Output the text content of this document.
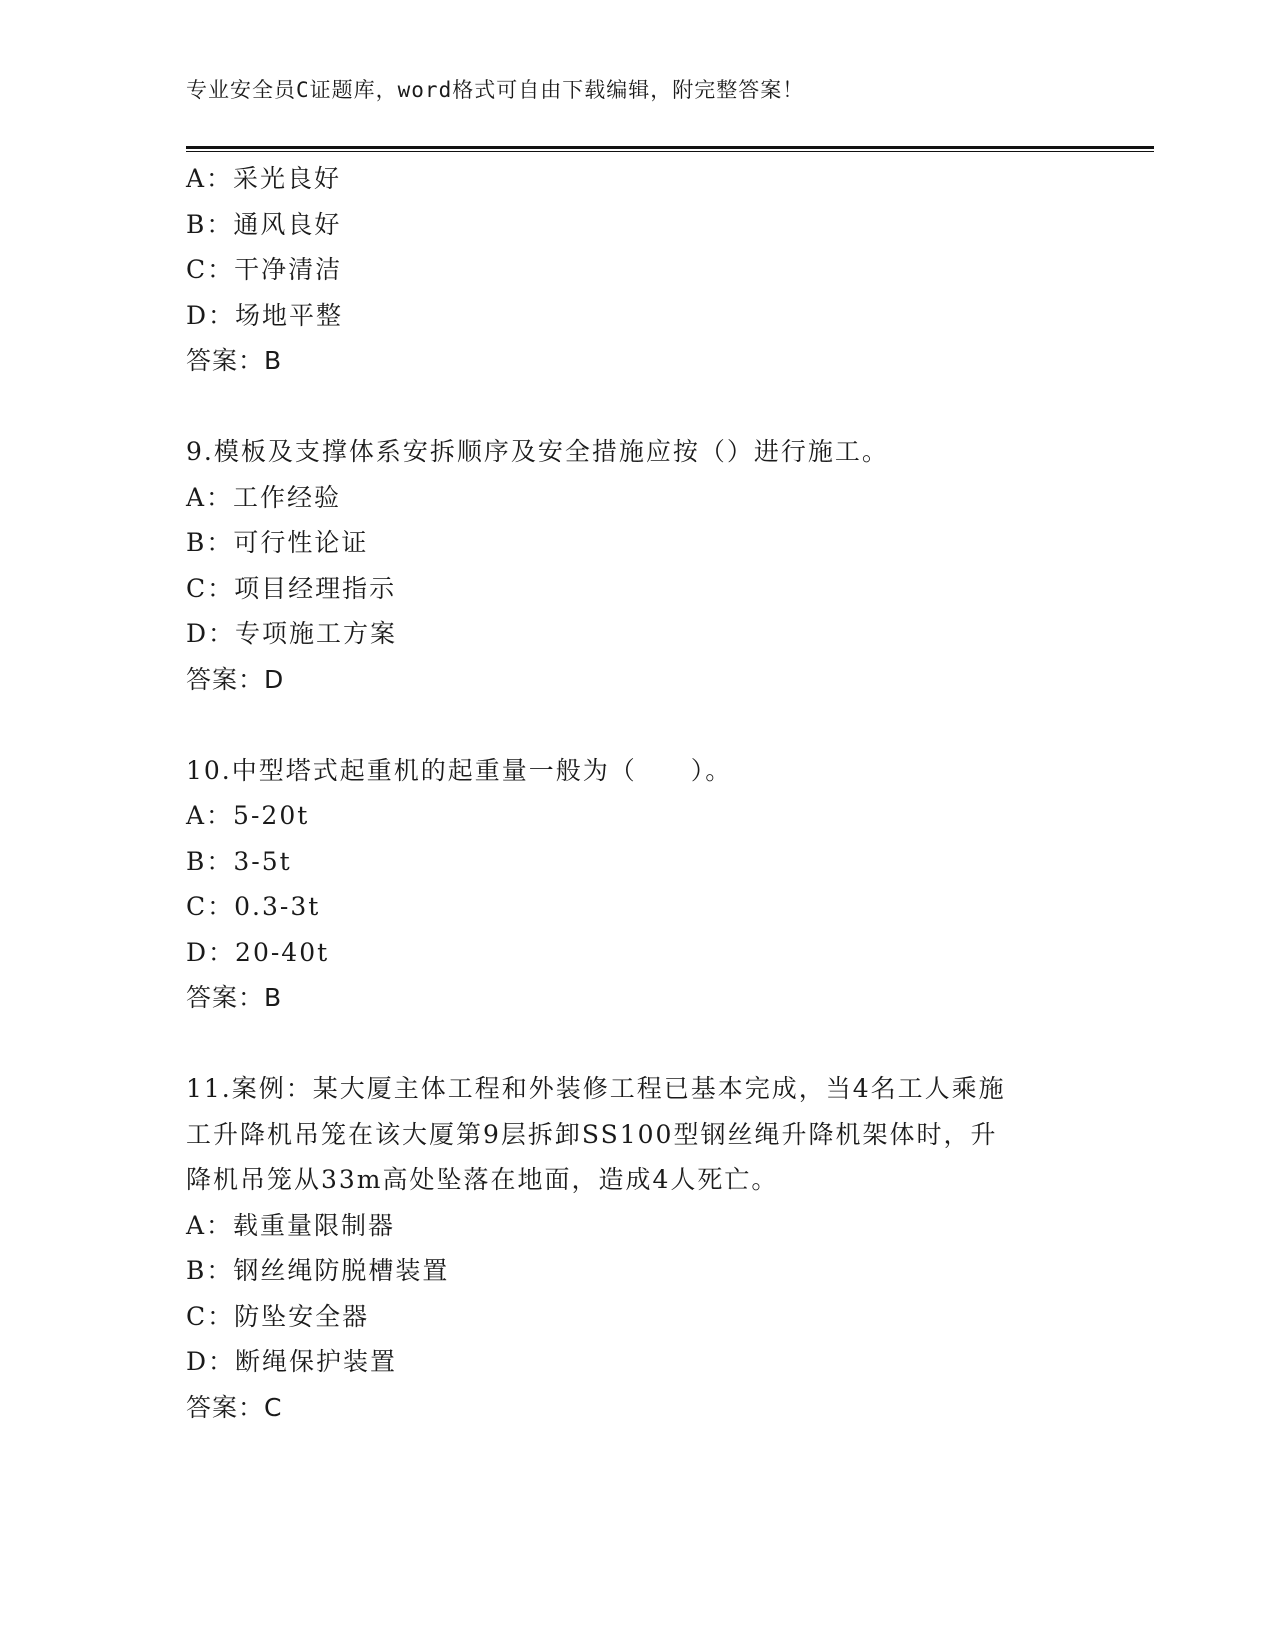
专业安全员C证题库，word格式可自由下载编辑，附完整答案！
A：采光良好
B：通风良好
C：干净清洁
D：场地平整
答案：B
9.模板及支撑体系安拆顺序及安全措施应按（）进行施工。
A：工作经验
B：可行性论证
C：项目经理指示
D：专项施工方案
答案：D
10.中型塔式起重机的起重量一般为（　　）。
A：5-20t
B：3-5t
C：0.3-3t
D：20-40t
答案：B
11.案例：某大厦主体工程和外装修工程已基本完成，当4名工人乘施
工升降机吊笼在该大厦第9层拆卸SS100型钢丝绳升降机架体时，升
降机吊笼从33m高处坠落在地面，造成4人死亡。
A：载重量限制器
B：钢丝绳防脱槽装置
C：防坠安全器
D：断绳保护装置
答案：C
